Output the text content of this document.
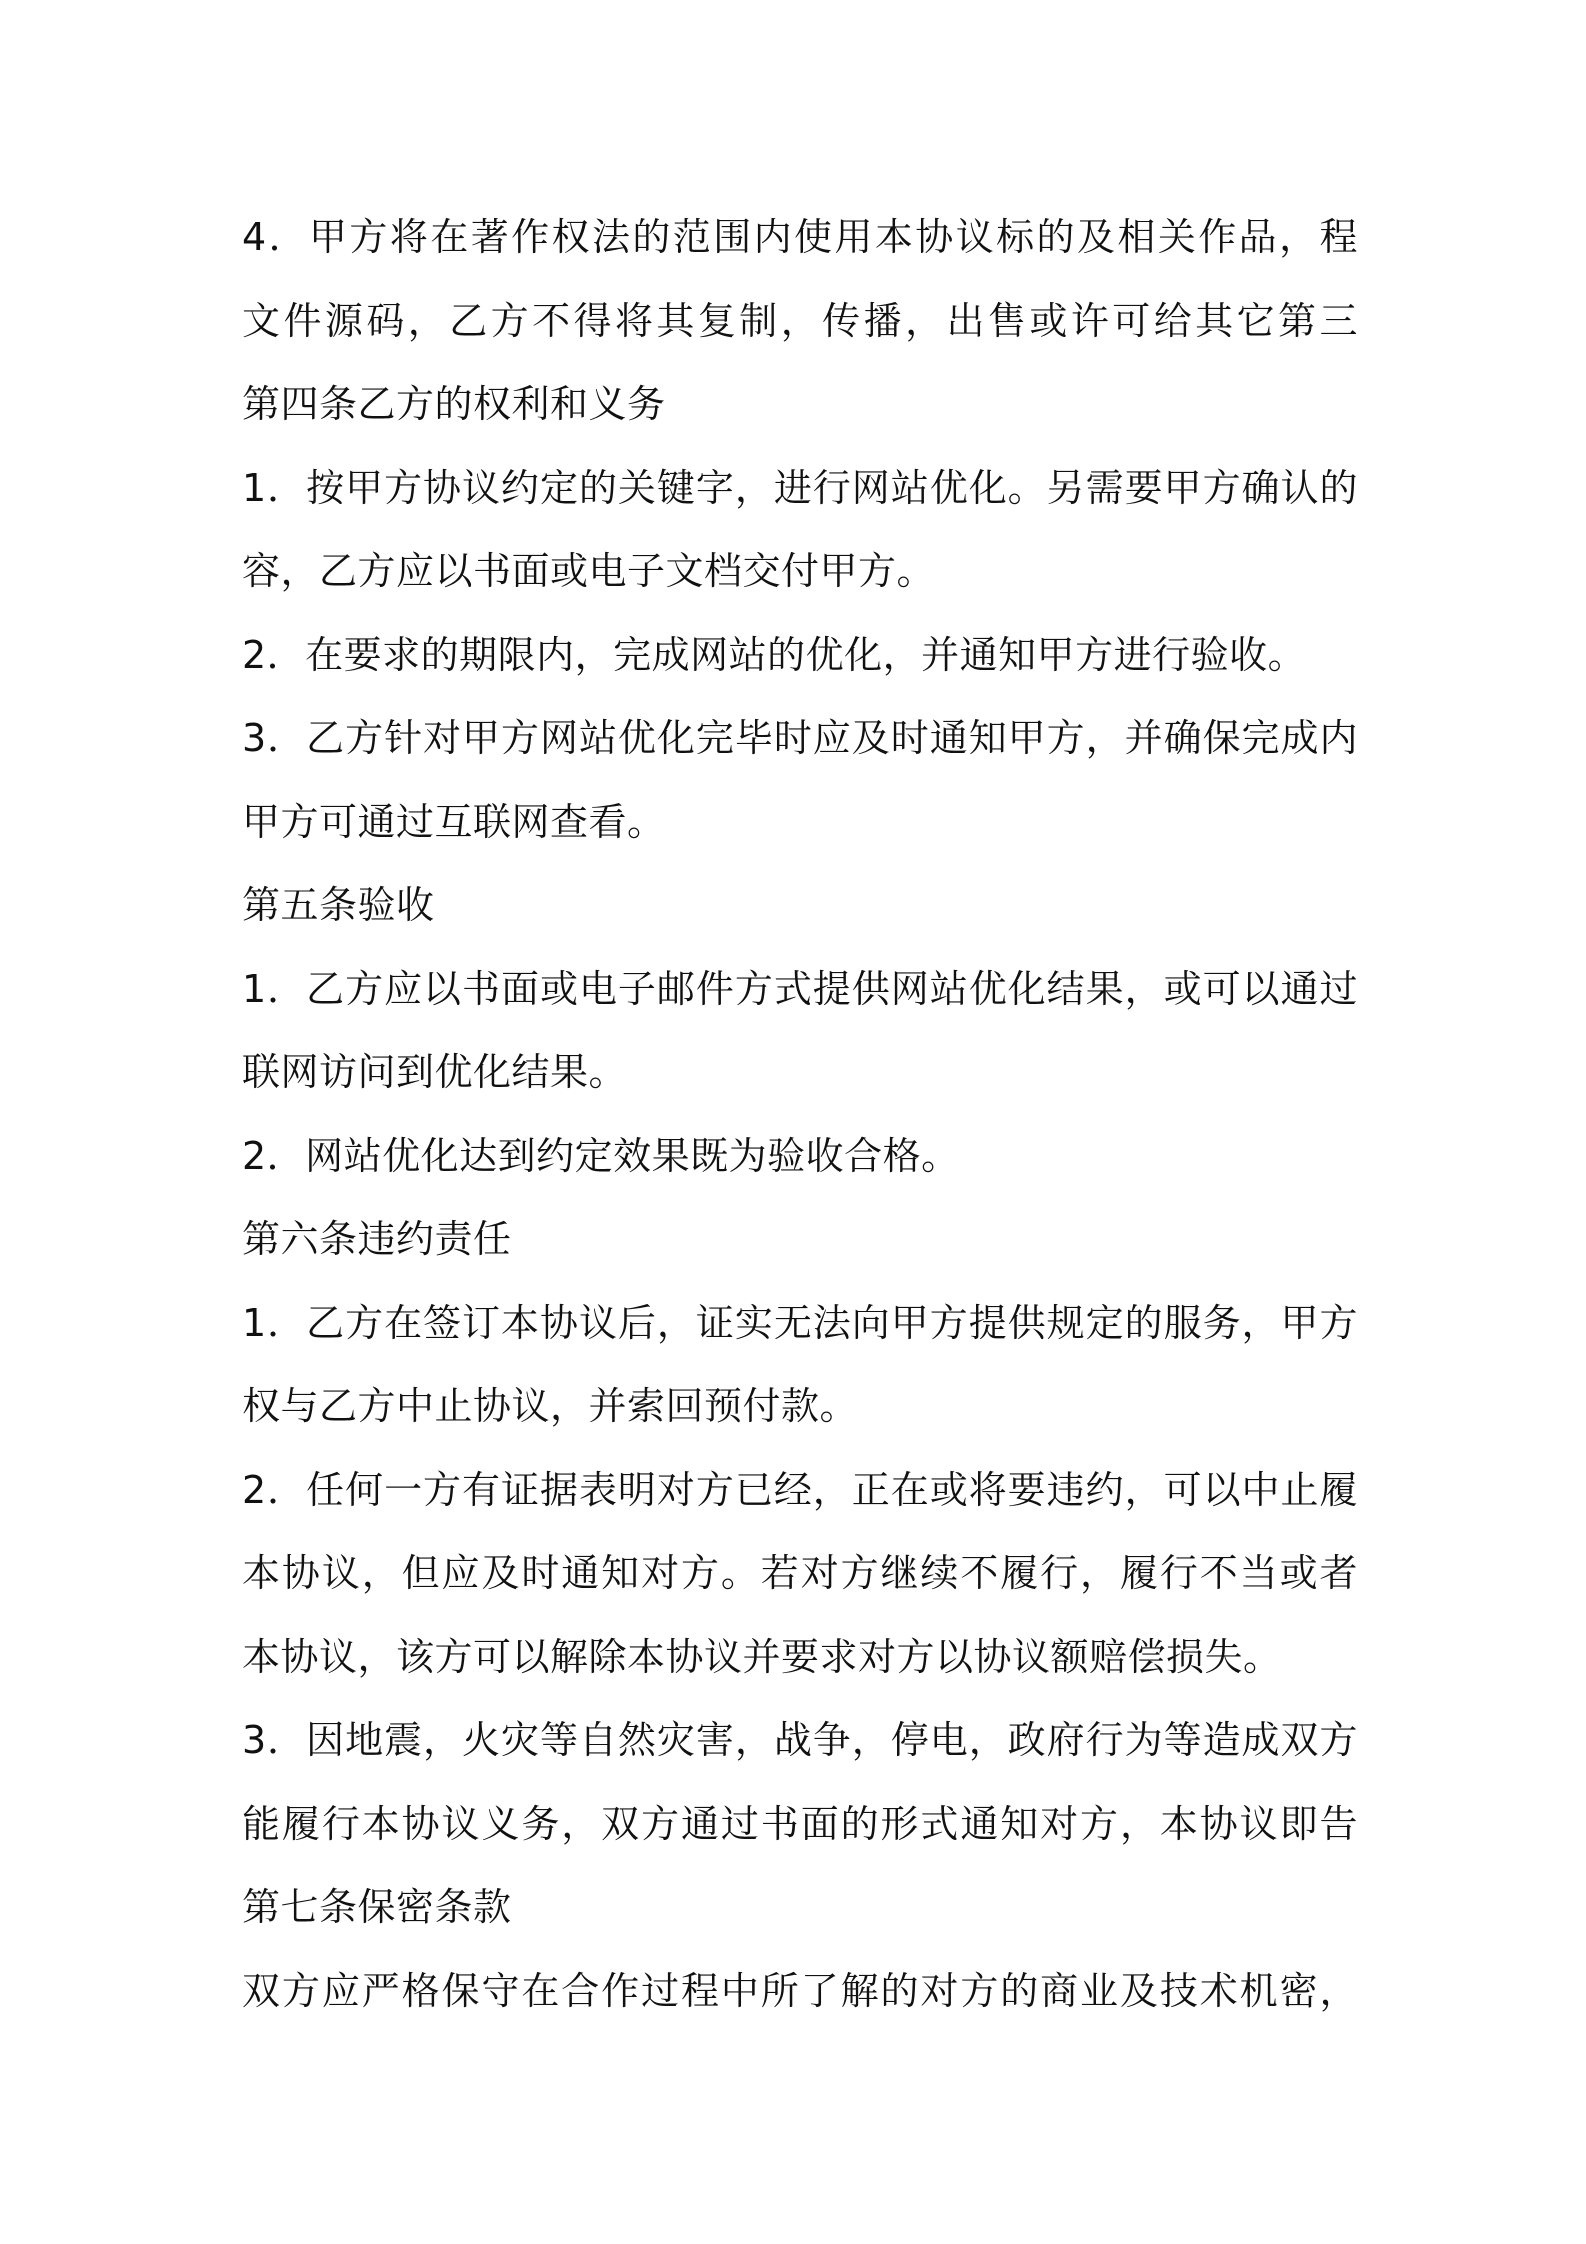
4．甲方将在著作权法的范围内使用本协议标的及相关作品，程
文件源码，乙方不得将其复制，传播，出售或许可给其它第三
第四条乙方的权利和义务
1．按甲方协议约定的关键字，进行网站优化。另需要甲方确认的
容，乙方应以书面或电子文档交付甲方。
2．在要求的期限内，完成网站的优化，并通知甲方进行验收。
3．乙方针对甲方网站优化完毕时应及时通知甲方，并确保完成内
甲方可通过互联网查看。
第五条验收
1．乙方应以书面或电子邮件方式提供网站优化结果，或可以通过
联网访问到优化结果。
2．网站优化达到约定效果既为验收合格。
第六条违约责任
1．乙方在签订本协议后，证实无法向甲方提供规定的服务，甲方
权与乙方中止协议，并索回预付款。
2．任何一方有证据表明对方已经，正在或将要违约，可以中止履
本协议，但应及时通知对方。若对方继续不履行，履行不当或者
本协议，该方可以解除本协议并要求对方以协议额赔偿损失。
3．因地震，火灾等自然灾害，战争，停电，政府行为等造成双方
能履行本协议义务，双方通过书面的形式通知对方，本协议即告
第七条保密条款
双方应严格保守在合作过程中所了解的对方的商业及技术机密，
